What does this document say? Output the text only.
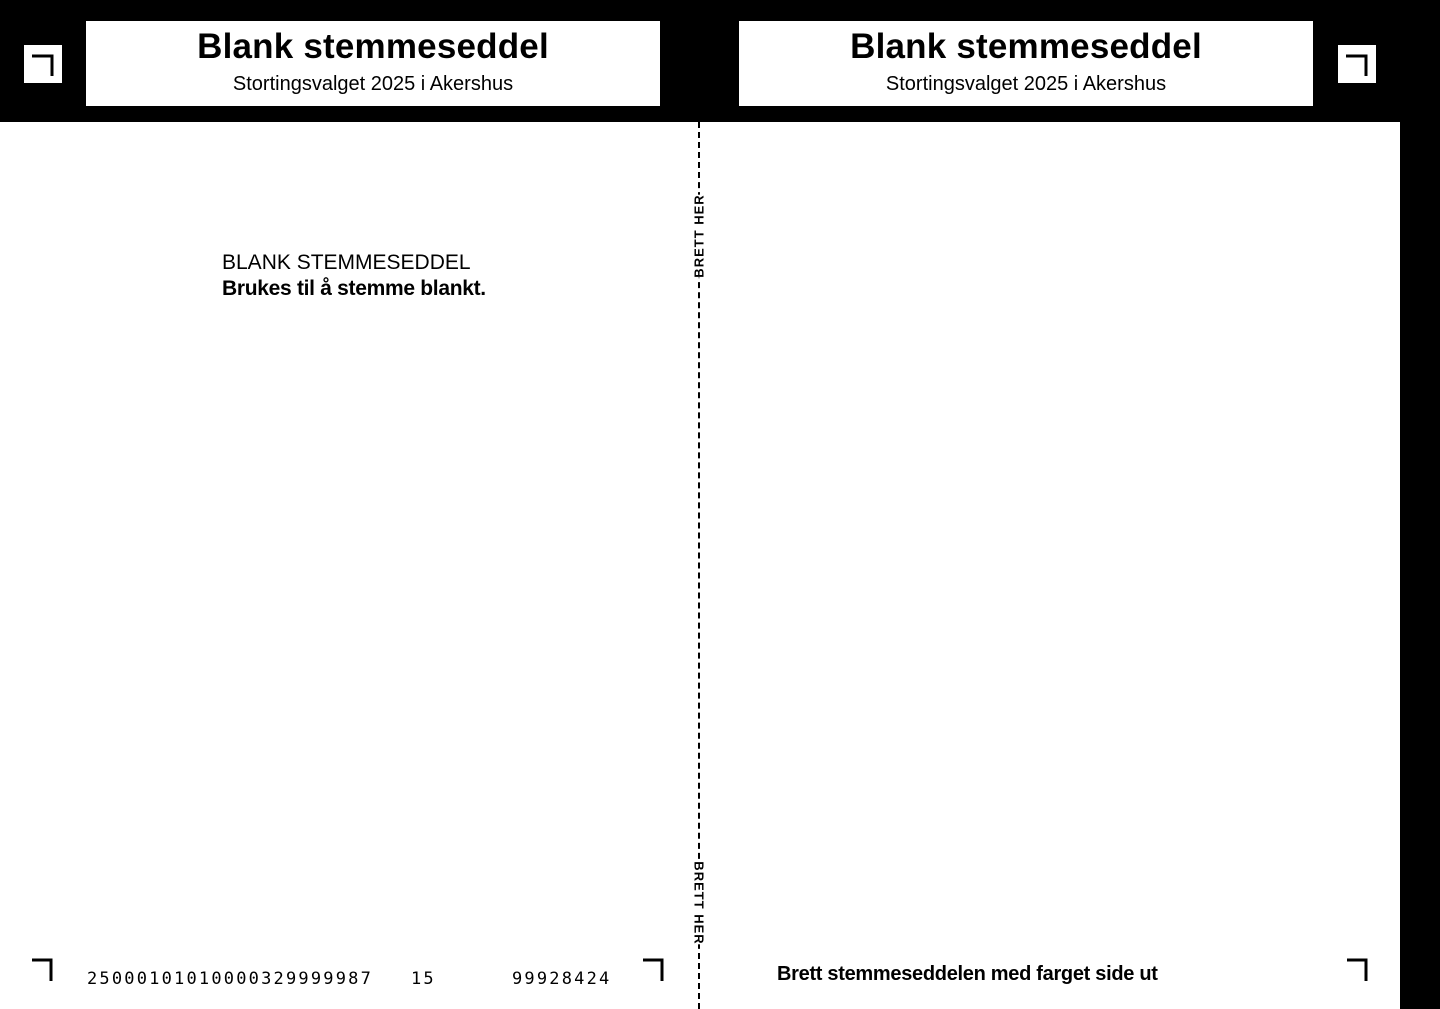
Blank stemmeseddel
Stortingsvalget 2025 i Akershus
Blank stemmeseddel
Stortingsvalget 2025 i Akershus
BLANK STEMMESEDDEL
Brukes til å stemme blankt.
BRETT HER
BRETT HER
25000101010000329999987 15	99928424	Brett stemmeseddelen med farget side ut
